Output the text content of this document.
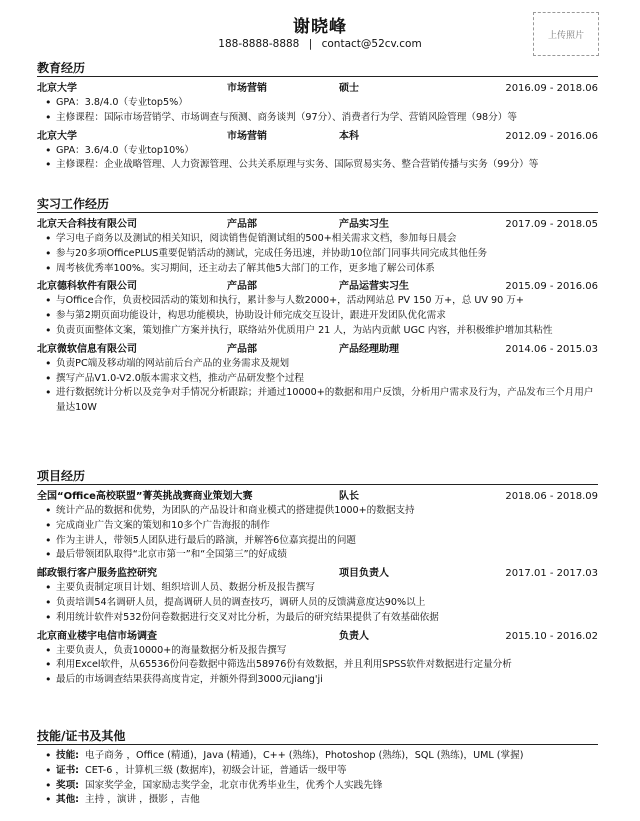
谢晓峰
188-8888-8888 | contact@52cv.com
上传照片
教育经历
北京大学	市场营销	硕士	2016.09 - 2018.06
• GPA：3.8/4.0（专业top5%）
• 主修课程：国际市场营销学、市场调查与预测、商务谈判（97分）、消费者行为学、营销风险管理（98分）等
北京大学	市场营销	本科	2012.09 - 2016.06
• GPA：3.6/4.0（专业top10%）
• 主修课程：企业战略管理、人力资源管理、公共关系原理与实务、国际贸易实务、整合营销传播与实务（99分）等
实习工作经历
北京天合科技有限公司	产品部	产品实习生	2017.09 - 2018.05
• 学习电子商务以及测试的相关知识，阅读销售促销测试组的500+相关需求文档，参加每日晨会
• 参与20多项OfficePLUS重要促销活动的测试，完成任务迅速，并协助10位部门同事共同完成其他任务
• 周考核优秀率100%。实习期间，还主动去了解其他5大部门的工作，更多地了解公司体系
北京德科软件有限公司	产品部	产品运营实习生	2015.09 - 2016.06
• 与Office合作，负责校园活动的策划和执行，累计参与人数2000+，活动网站总 PV 150 万+，总 UV 90 万+
• 参与第2期页面功能设计，构思功能模块，协助设计师完成交互设计，跟进开发团队优化需求
• 负责页面整体文案，策划推广方案并执行，联络站外优质用户 21 人，为站内贡献 UGC 内容，并积极维护增加其粘性
北京微软信息有限公司	产品部	产品经理助理	2014.06 - 2015.03
• 负责PC端及移动端的网站前后台产品的业务需求及规划
• 撰写产品V1.0-V2.0版本需求文档，推动产品研发整个过程
• 进行数据统计分析以及竞争对手情况分析跟踪；并通过10000+的数据和用户反馈，分析用户需求及行为，产品发布三个月用户量达10W
项目经历
全国“Office高校联盟”菁英挑战赛商业策划大赛	队长	2018.06 - 2018.09
• 统计产品的数据和优势，为团队的产品设计和商业模式的搭建提供1000+的数据支持
• 完成商业广告文案的策划和10多个广告海报的制作
• 作为主讲人，带领5人团队进行最后的路演，并解答6位嘉宾提出的问题
• 最后带领团队取得“北京市第一”和“全国第三”的好成绩
邮政银行客户服务监控研究	项目负责人	2017.01 - 2017.03
• 主要负责制定项目计划、组织培训人员、数据分析及报告撰写
• 负责培训54名调研人员，提高调研人员的调查技巧，调研人员的反馈满意度达90%以上
• 利用统计软件对532份问卷数据进行交叉对比分析，为最后的研究结果提供了有效基础依据
北京商业楼宇电信市场调查	负责人	2015.10 - 2016.02
• 主要负责人，负责10000+的海量数据分析及报告撰写
• 利用Excel软件，从65536份问卷数据中筛选出58976份有效数据，并且利用SPSS软件对数据进行定量分析
• 最后的市场调查结果获得高度肯定，并额外得到3000元jiang'ji
技能/证书及其他
• 技能: 电子商务 ，Office (精通)，Java (精通)，C++ (熟练)，Photoshop (熟练)，SQL (熟练)，UML (掌握)
• 证书: CET-6 ，计算机三级 (数据库)，初级会计证，普通话一级甲等
• 奖项: 国家奖学金，国家励志奖学金，北京市优秀毕业生，优秀个人实践先锋
• 其他: 主持 ，演讲 ，摄影 ，吉他
